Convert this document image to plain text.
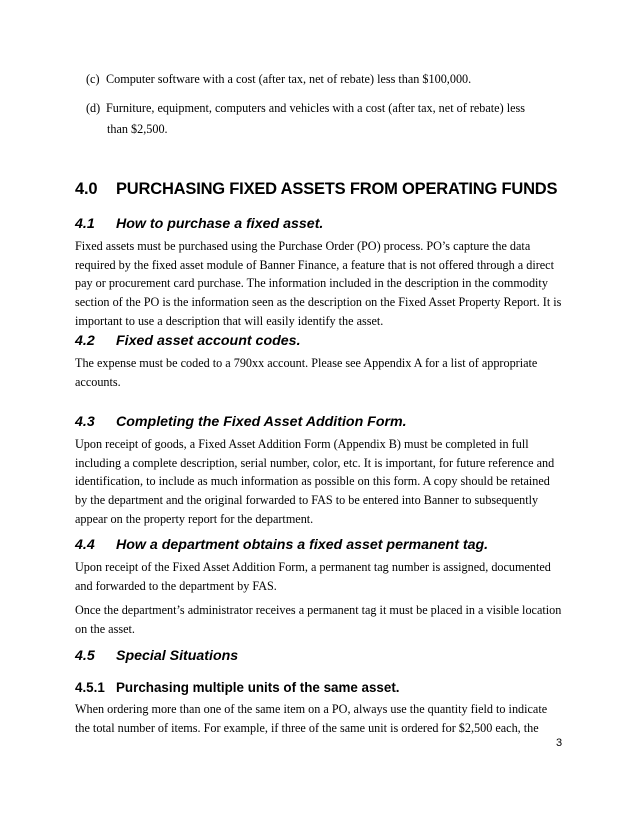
(c) Computer software with a cost (after tax, net of rebate) less than $100,000.
(d) Furniture, equipment, computers and vehicles with a cost (after tax, net of rebate) less
than $2,500.
4.0 PURCHASING FIXED ASSETS FROM OPERATING FUNDS
4.1 How to purchase a fixed asset.

Fixed assets must be purchased using the Purchase Order (PO) process. PO’s capture the data required by the fixed asset module of Banner Finance, a feature that is not offered through a direct pay or procurement card purchase. The information included in the description in the commodity section of the PO is the information seen as the description on the Fixed Asset Property Report. It is important to use a description that will easily identify the asset.

4.2 Fixed asset account codes.

The expense must be coded to a 790xx account. Please see Appendix A for a list of appropriate accounts.

4.3 Completing the Fixed Asset Addition Form.

Upon receipt of goods, a Fixed Asset Addition Form (Appendix B) must be completed in full including a complete description, serial number, color, etc. It is important, for future reference and identification, to include as much information as possible on this form. A copy should be retained by the department and the original forwarded to FAS to be entered into Banner to subsequently appear on the property report for the department.

4.4 How a department obtains a fixed asset permanent tag.

Upon receipt of the Fixed Asset Addition Form, a permanent tag number is assigned, documented and forwarded to the department by FAS.

Once the department’s administrator receives a permanent tag it must be placed in a visible location on the asset.

4.5 Special Situations
4.5.1 Purchasing multiple units of the same asset.

When ordering more than one of the same item on a PO, always use the quantity field to indicate the total number of items. For example, if three of the same unit is ordered for $2,500 each, the

3
